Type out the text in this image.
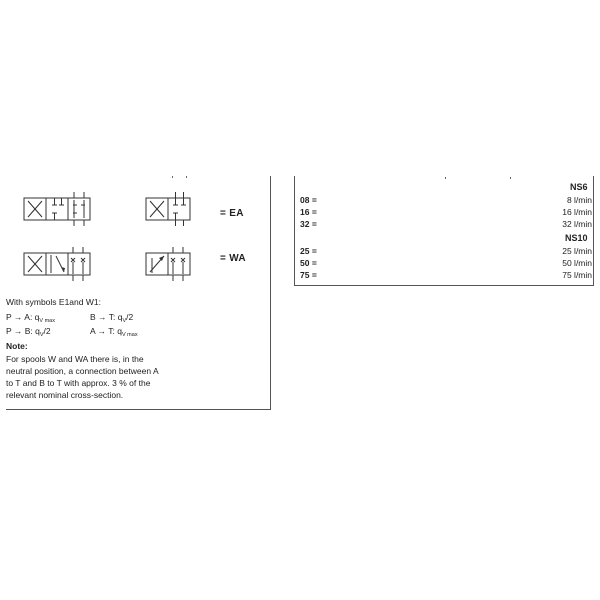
= EA
= WA
With symbols E1and W1:
P → A: $q_{V max}$	B → T: $q_V/2$
P → B: $q_V/2$	A → T: $q_{V max}$
Note:
For spools W and WA there is, in the
neutral position, a connection between A
to T and B to T with approx. 3 % of the
relevant nominal cross-section.
NS6
08 =	8 l/min
16 =	16 l/min
32 =	32 l/min
NS10
25 =	25 l/min
50 =	50 l/min
75 =	75 l/min
